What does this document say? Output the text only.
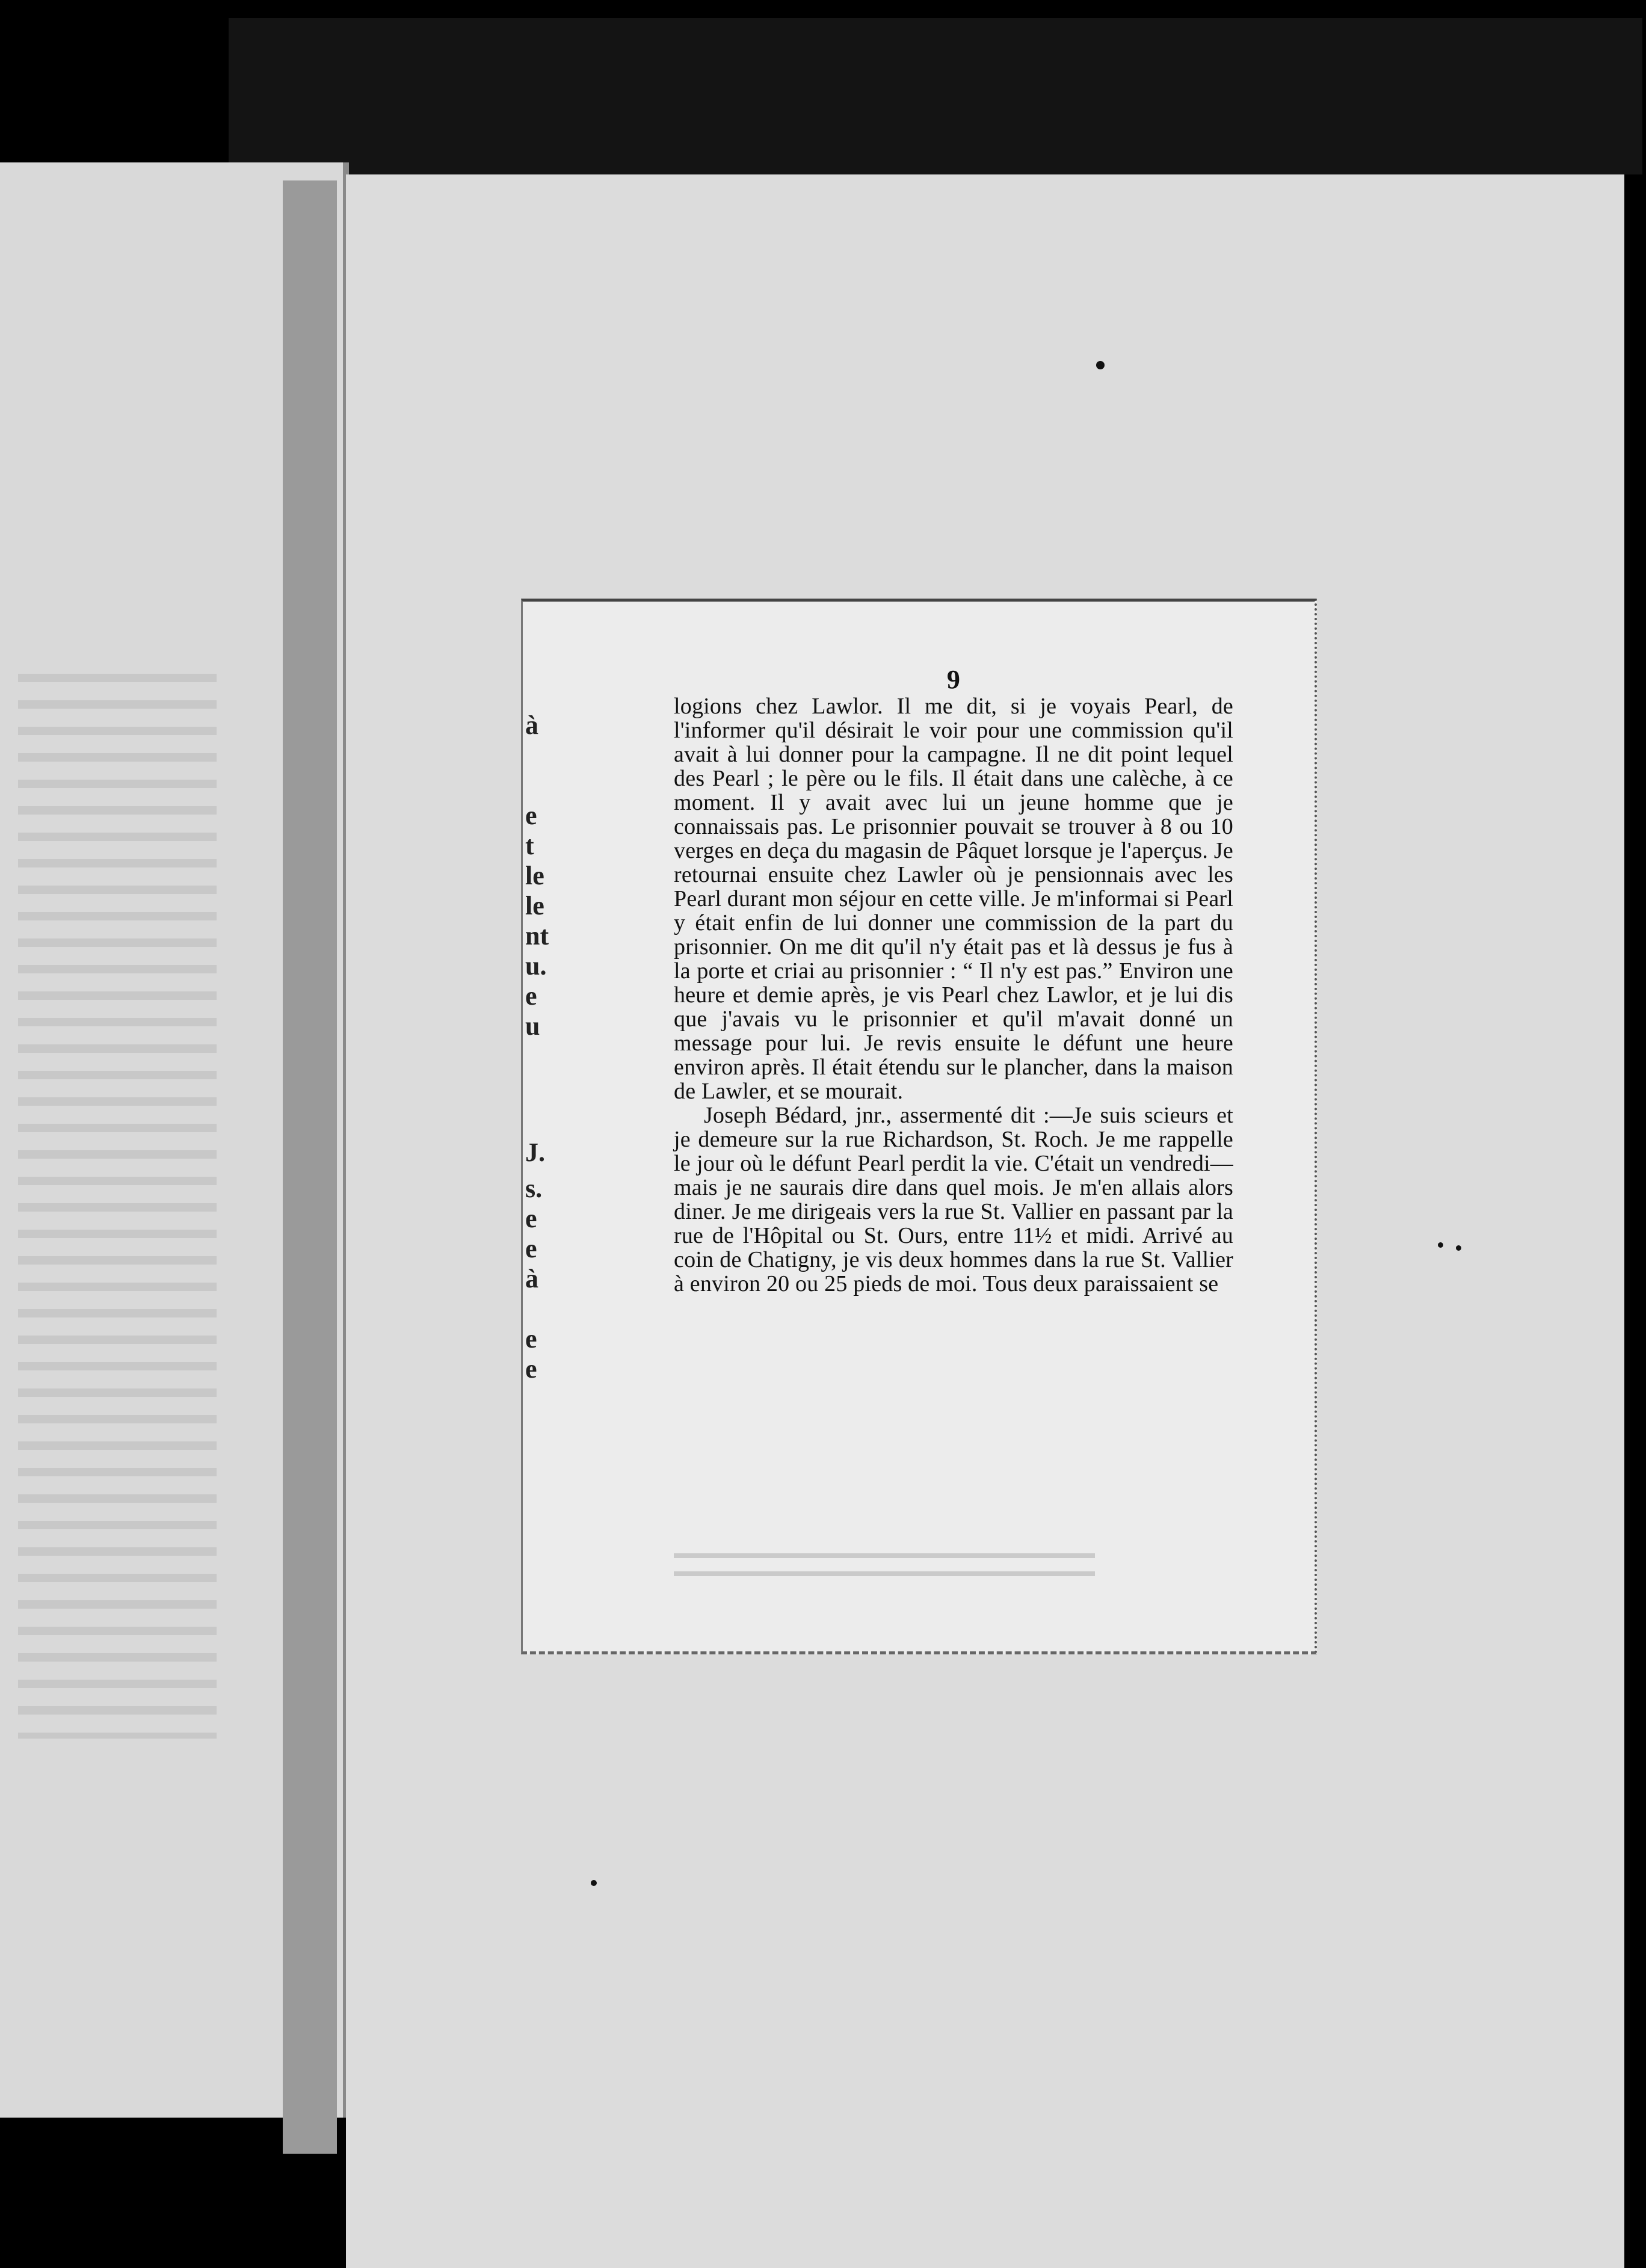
à
e
t
le
le
nt
u.
e
u
J.
s.
e
e
à
e
e
9

logions chez Lawlor. Il me dit, si je voyais Pearl, de l'informer qu'il désirait le voir pour une commission qu'il avait à lui donner pour la campagne. Il ne dit point lequel des Pearl ; le père ou le fils. Il était dans une calèche, à ce moment. Il y avait avec lui un jeune homme que je connaissais pas. Le prisonnier pouvait se trouver à 8 ou 10 verges en deça du magasin de Pâquet lorsque je l'aperçus. Je retournai ensuite chez Lawler où je pensionnais avec les Pearl durant mon séjour en cette ville. Je m'informai si Pearl y était enfin de lui donner une commission de la part du prisonnier. On me dit qu'il n'y était pas et là dessus je fus à la porte et criai au prisonnier : “ Il n'y est pas.” Environ une heure et demie après, je vis Pearl chez Lawlor, et je lui dis que j'avais vu le prisonnier et qu'il m'avait donné un message pour lui. Je revis ensuite le défunt une heure environ après. Il était étendu sur le plancher, dans la maison de Lawler, et se mourait.

Joseph Bédard, jnr., assermenté dit :—Je suis scieurs et je demeure sur la rue Richardson, St. Roch. Je me rappelle le jour où le défunt Pearl perdit la vie. C'était un vendredi—mais je ne saurais dire dans quel mois. Je m'en allais alors diner. Je me dirigeais vers la rue St. Vallier en passant par la rue de l'Hôpital ou St. Ours, entre 11½ et midi. Arrivé au coin de Chatigny, je vis deux hommes dans la rue St. Vallier à environ 20 ou 25 pieds de moi. Tous deux paraissaient se
